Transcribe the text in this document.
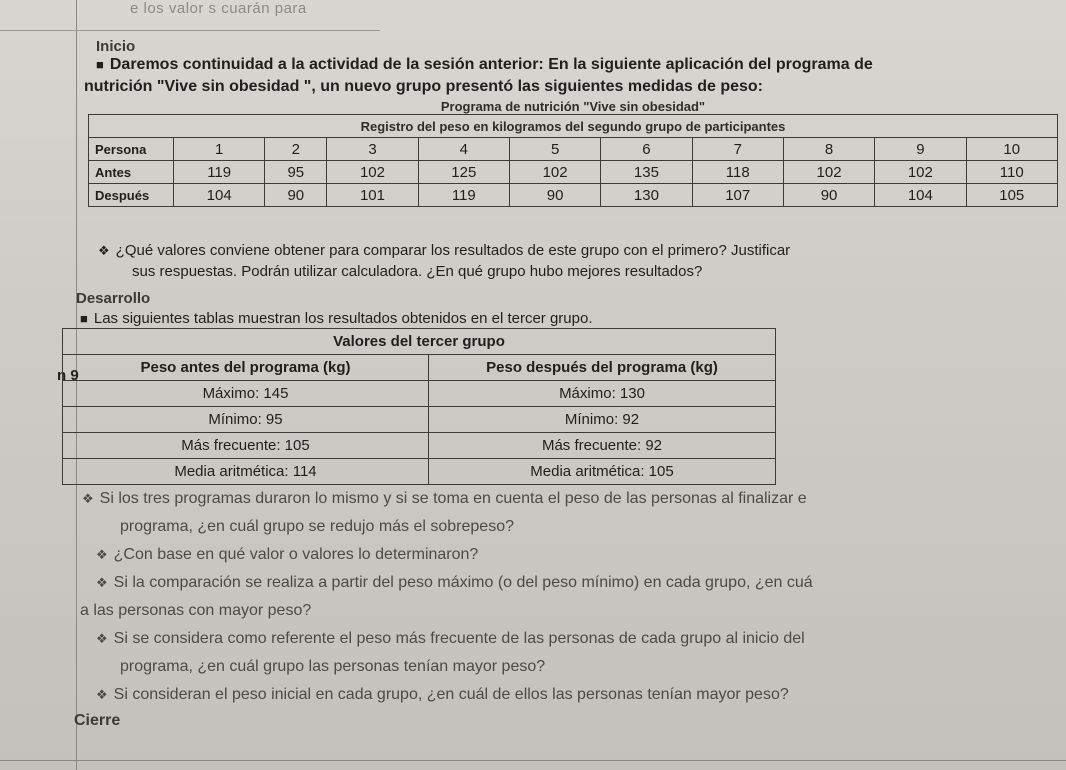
e los valor s cuarán para
Inicio
■ Daremos continuidad a la actividad de la sesión anterior: En la siguiente aplicación del programa de
nutrición "Vive sin obesidad ", un nuevo grupo presentó las siguientes medidas de peso:
Programa de nutrición "Vive sin obesidad"										
Registro del peso en kilogramos del segundo grupo de participantes										
Persona	1	2	3	4	5	6	7	8	9	10
Antes	119	95	102	125	102	135	118	102	102	110
Después	104	90	101	119	90	130	107	90	104	105
❖ ¿Qué valores conviene obtener para comparar los resultados de este grupo con el primero? Justificar
sus respuestas. Podrán utilizar calculadora. ¿En qué grupo hubo mejores resultados?
Desarrollo
■ Las siguientes tablas muestran los resultados obtenidos en el tercer grupo.
n 9
Valores del tercer grupo	
Peso antes del programa (kg)	Peso después del programa (kg)
Máximo: 145	Máximo: 130
Mínimo: 95	Mínimo: 92
Más frecuente: 105	Más frecuente: 92
Media aritmética: 114	Media aritmética: 105
❖ Si los tres programas duraron lo mismo y si se toma en cuenta el peso de las personas al finalizar e
programa, ¿en cuál grupo se redujo más el sobrepeso?
❖ ¿Con base en qué valor o valores lo determinaron?
❖ Si la comparación se realiza a partir del peso máximo (o del peso mínimo) en cada grupo, ¿en cuá
a las personas con mayor peso?
❖ Si se considera como referente el peso más frecuente de las personas de cada grupo al inicio del
programa, ¿en cuál grupo las personas tenían mayor peso?
❖ Si consideran el peso inicial en cada grupo, ¿en cuál de ellos las personas tenían mayor peso?
Cierre
